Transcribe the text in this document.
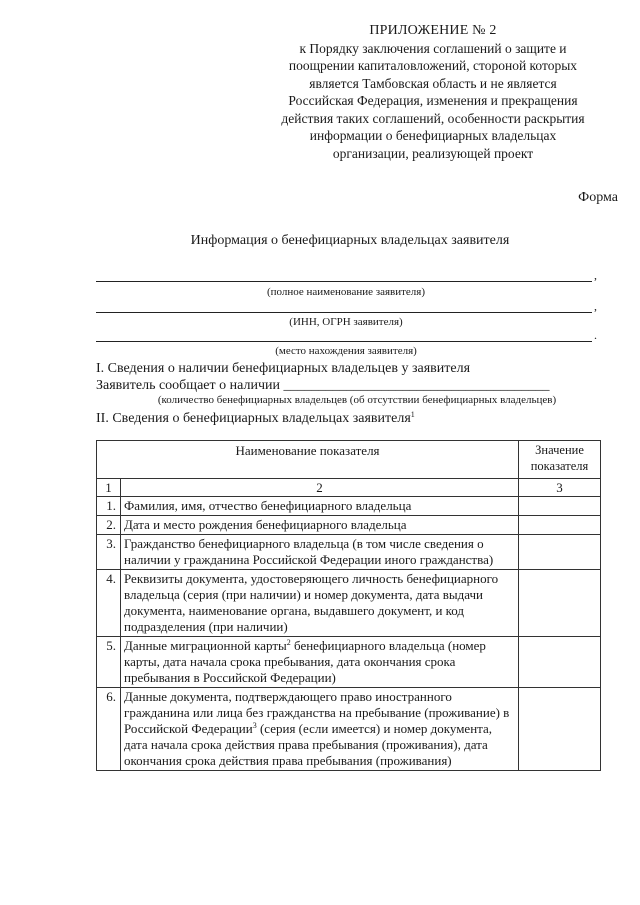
ПРИЛОЖЕНИЕ № 2
к Порядку заключения соглашений о защите и
поощрении капиталовложений, стороной которых
является Тамбовская область и не является
Российская Федерация, изменения и прекращения
действия таких соглашений, особенности раскрытия
информации о бенефициарных владельцах
организации, реализующей проект
Форма
Информация о бенефициарных владельцах заявителя
,
(полное наименование заявителя)
,
(ИНН, ОГРН заявителя)
.
(место нахождения заявителя)
I. Сведения о наличии бенефициарных владельцев у заявителя
Заявитель сообщает о наличии ______________________________________
(количество бенефициарных владельцев (об отсутствии бенефициарных владельцев)
II. Сведения о бенефициарных владельцах заявителя$^1$
Наименование показателя		Значение показателя
1	2	3
1.	Фамилия, имя, отчество бенефициарного владельца	
2.	Дата и место рождения бенефициарного владельца	
3.	Гражданство бенефициарного владельца (в том числе сведения о наличии у гражданина Российской Федерации иного гражданства)	
4.	Реквизиты документа, удостоверяющего личность бенефициарного владельца (серия (при наличии) и номер документа, дата выдачи документа, наименование органа, выдавшего документ, и код подразделения (при наличии)	
5.	Данные миграционной карты$^2$ бенефициарного владельца (номер карты, дата начала срока пребывания, дата окончания срока пребывания в Российской Федерации)	
6.	Данные документа, подтверждающего право иностранного гражданина или лица без гражданства на пребывание (проживание) в Российской Федерации$^3$ (серия (если имеется) и номер документа, дата начала срока действия права пребывания (проживания), дата окончания срока действия права пребывания (проживания)	
